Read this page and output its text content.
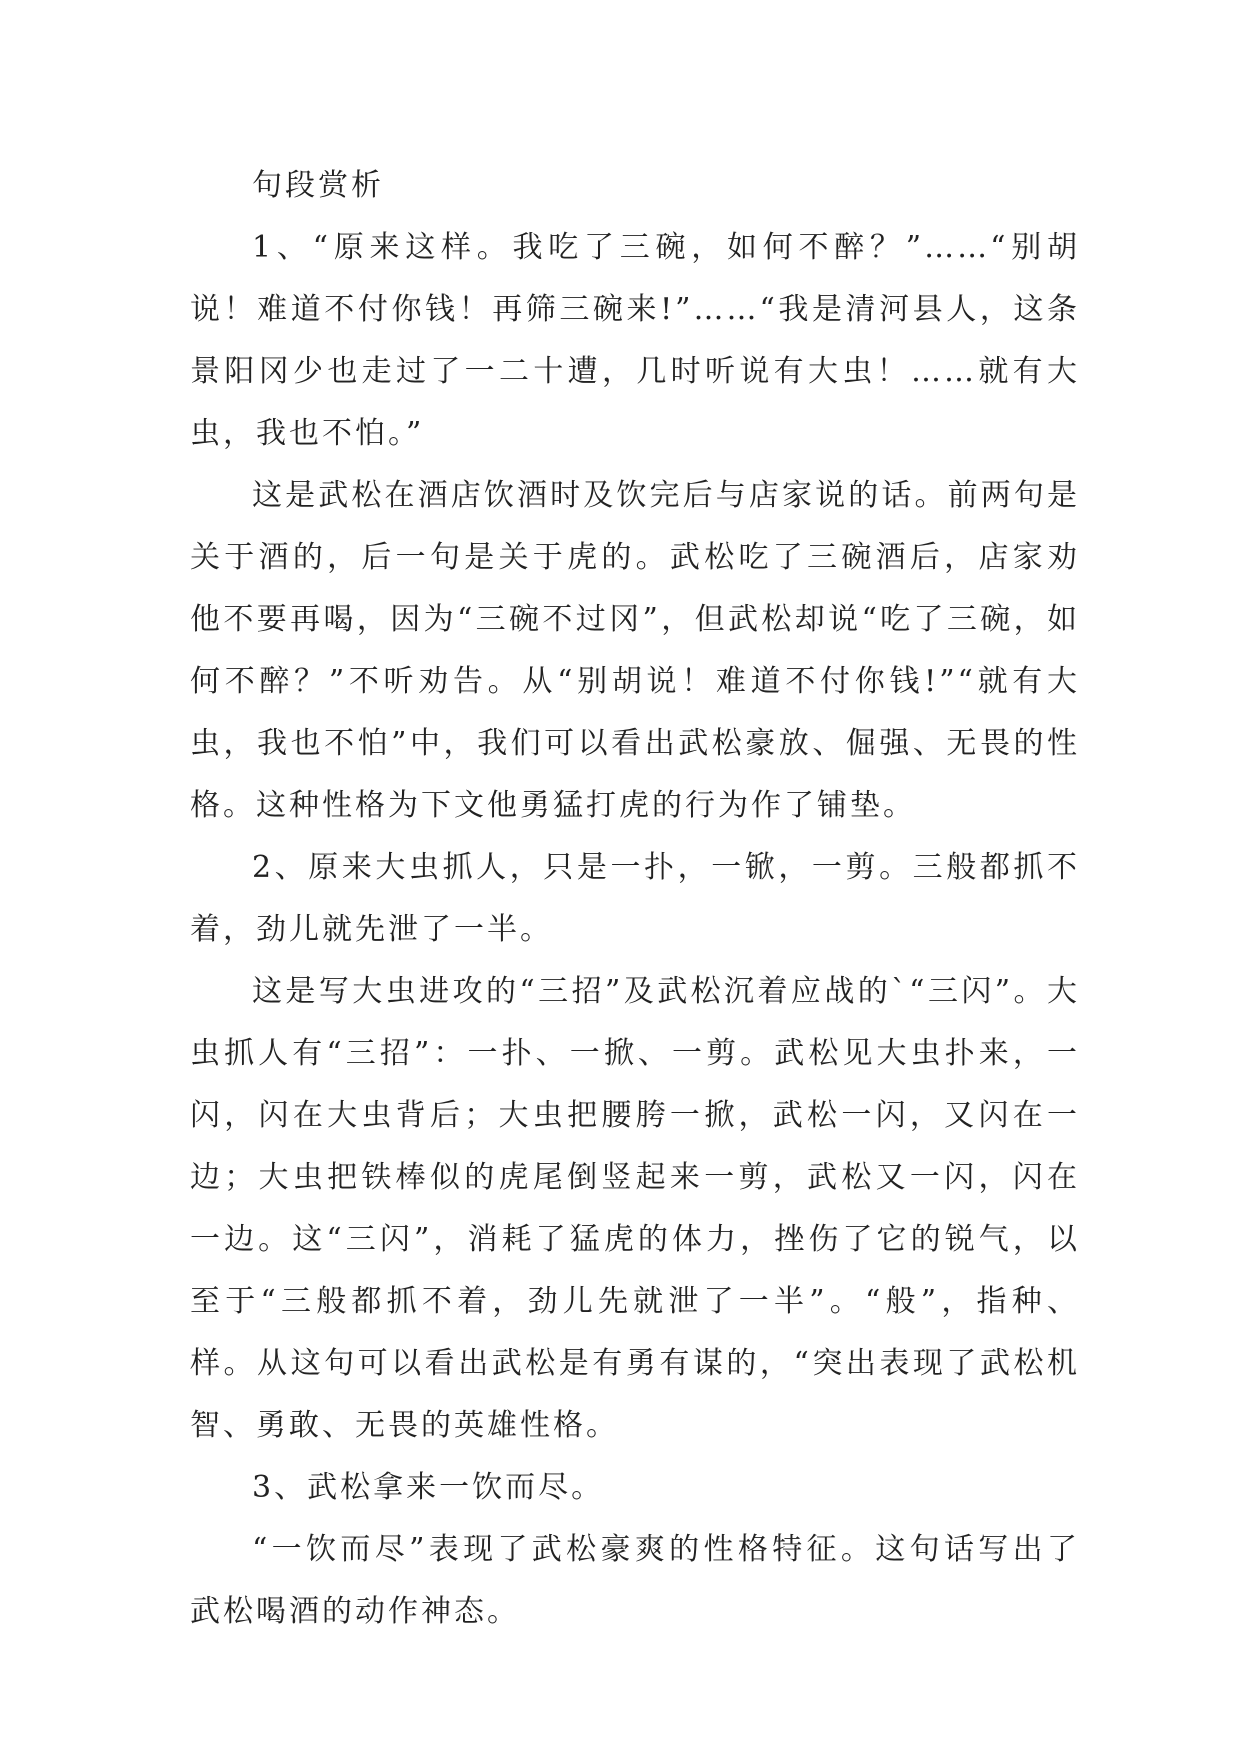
句段赏析

1、“原来这样。我吃了三碗，如何不醉？”……“别胡说！难道不付你钱！再筛三碗来!”……“我是清河县人，这条景阳冈少也走过了一二十遭，几时听说有大虫！……就有大虫，我也不怕。”

这是武松在酒店饮酒时及饮完后与店家说的话。前两句是关于酒的，后一句是关于虎的。武松吃了三碗酒后，店家劝他不要再喝，因为“三碗不过冈”，但武松却说“吃了三碗，如何不醉？”不听劝告。从“别胡说！难道不付你钱!”“就有大虫，我也不怕”中，我们可以看出武松豪放、倔强、无畏的性格。这种性格为下文他勇猛打虎的行为作了铺垫。

2、原来大虫抓人，只是一扑，一锨，一剪。三般都抓不着，劲儿就先泄了一半。

这是写大虫进攻的“三招”及武松沉着应战的`“三闪”。大虫抓人有“三招”：一扑、一掀、一剪。武松见大虫扑来，一闪，闪在大虫背后；大虫把腰胯一掀，武松一闪，又闪在一边；大虫把铁棒似的虎尾倒竖起来一剪，武松又一闪，闪在一边。这“三闪”，消耗了猛虎的体力，挫伤了它的锐气，以至于“三般都抓不着，劲儿先就泄了一半”。“般”，指种、样。从这句可以看出武松是有勇有谋的，“突出表现了武松机智、勇敢、无畏的英雄性格。

3、武松拿来一饮而尽。

“一饮而尽”表现了武松豪爽的性格特征。这句话写出了武松喝酒的动作神态。
